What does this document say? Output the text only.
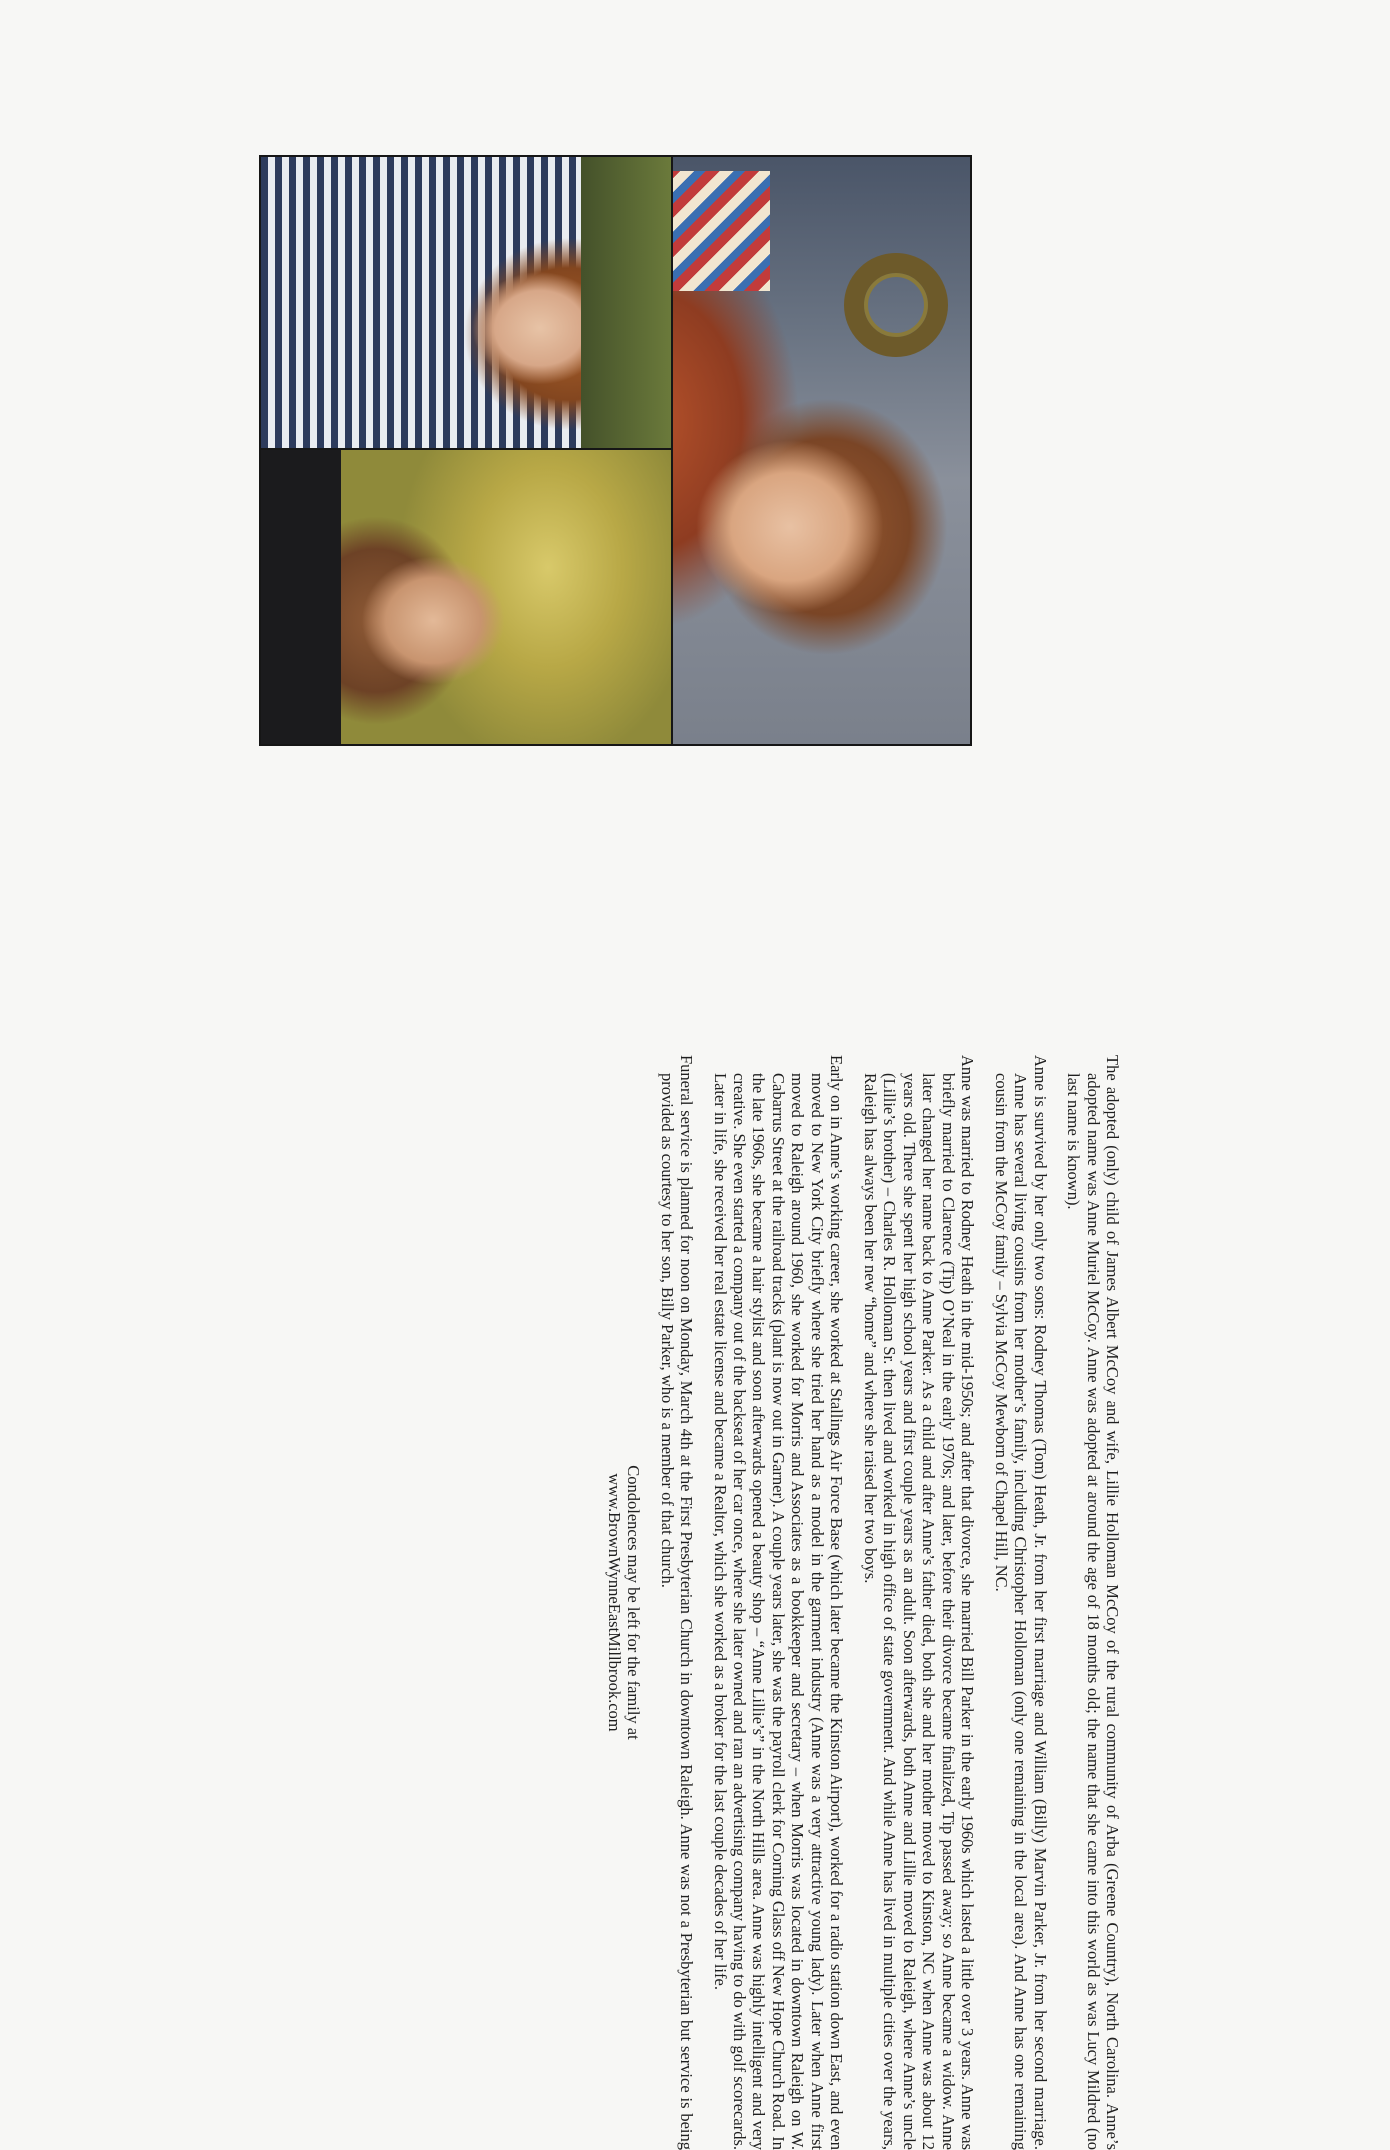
The adopted (only) child of James Albert McCoy and wife, Lillie Holloman McCoy of the rural community of Arba (Greene Country), North Carolina. Anne’s adopted name was Anne Muriel McCoy. Anne was adopted at around the age of 18 months old; the name that she came into this world as was Lucy Mildred (no last name is known).

Anne is survived by her only two sons: Rodney Thomas (Tom) Heath, Jr. from her first marriage and William (Billy) Marvin Parker, Jr. from her second marriage. Anne has several living cousins from her mother’s family, including Christopher Holloman (only one remaining in the local area). And Anne has one remaining cousin from the McCoy family – Sylvia McCoy Mewborn of Chapel Hill, NC.

Anne was married to Rodney Heath in the mid-1950s; and after that divorce, she married Bill Parker in the early 1960s which lasted a little over 3 years. Anne was briefly married to Clarence (Tip) O’Neal in the early 1970s; and later, before their divorce became finalized, Tip passed away; so Anne became a widow. Anne later changed her name back to Anne Parker. As a child and after Anne’s father died, both she and her mother moved to Kinston, NC when Anne was about 12 years old. There she spent her high school years and first couple years as an adult. Soon afterwards, both Anne and Lillie moved to Raleigh, where Anne’s uncle (Lillie’s brother) – Charles R. Holloman Sr. then lived and worked in high office of state government. And while Anne has lived in multiple cities over the years, Raleigh has always been her new “home” and where she raised her two boys.

Early on in Anne’s working career, she worked at Stallings Air Force Base (which later became the Kinston Airport), worked for a radio station down East, and even moved to New York City briefly where she tried her hand as a model in the garment industry (Anne was a very attractive young lady). Later when Anne first moved to Raleigh around 1960, she worked for Morris and Associates as a bookkeeper and secretary – when Morris was located in downtown Raleigh on W. Cabarrus Street at the railroad tracks (plant is now out in Garner). A couple years later, she was the payroll clerk for Corning Glass off New Hope Church Road. In the late 1960s, she became a hair stylist and soon afterwards opened a beauty shop – “Anne Lillie’s” in the North Hills area. Anne was highly intelligent and very creative. She even started a company out of the backseat of her car once, where she later owned and ran an advertising company having to do with golf scorecards. Later in life, she received her real estate license and became a Realtor, which she worked as a broker for the last couple decades of her life.

Funeral service is planned for noon on Monday, March 4th at the First Presbyterian Church in downtown Raleigh. Anne was not a Presbyterian but service is being provided as courtesy to her son, Billy Parker, who is a member of that church.

Condolences may be left for the family at
www.BrownWynneEastMillbrook.com
